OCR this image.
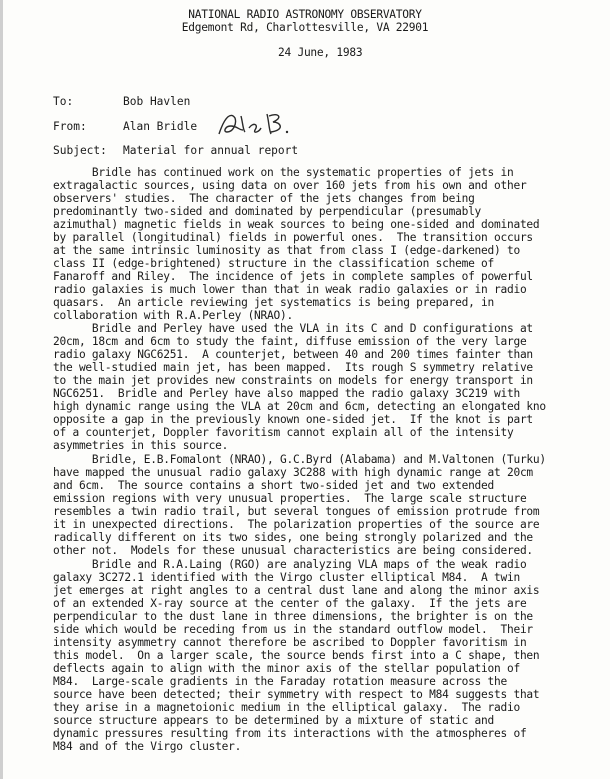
NATIONAL RADIO ASTRONOMY OBSERVATORY
Edgemont Rd, Charlottesville, VA 22901
24 June, 1983
To:	Bob Havlen
From:	Alan Bridle
Subject: Material for annual report
Bridle has continued work on the systematic properties of jets in
extragalactic sources, using data on over 160 jets from his own and other
observers' studies.  The character of the jets changes from being
predominantly two-sided and dominated by perpendicular (presumably
azimuthal) magnetic fields in weak sources to being one-sided and dominated
by parallel (longitudinal) fields in powerful ones.  The transition occurs
at the same intrinsic luminosity as that from class I (edge-darkened) to
class II (edge-brightened) structure in the classification scheme of
Fanaroff and Riley.  The incidence of jets in complete samples of powerful
radio galaxies is much lower than that in weak radio galaxies or in radio
quasars.  An article reviewing jet systematics is being prepared, in
collaboration with R.A.Perley (NRAO).
Bridle and Perley have used the VLA in its C and D configurations at
20cm, 18cm and 6cm to study the faint, diffuse emission of the very large
radio galaxy NGC6251.  A counterjet, between 40 and 200 times fainter than
the well-studied main jet, has been mapped.  Its rough S symmetry relative
to the main jet provides new constraints on models for energy transport in
NGC6251.  Bridle and Perley have also mapped the radio galaxy 3C219 with
high dynamic range using the VLA at 20cm and 6cm, detecting an elongated kno
opposite a gap in the previously known one-sided jet.  If the knot is part
of a counterjet, Doppler favoritism cannot explain all of the intensity
asymmetries in this source.
Bridle, E.B.Fomalont (NRAO), G.C.Byrd (Alabama) and M.Valtonen (Turku)
have mapped the unusual radio galaxy 3C288 with high dynamic range at 20cm
and 6cm.  The source contains a short two-sided jet and two extended
emission regions with very unusual properties.  The large scale structure
resembles a twin radio trail, but several tongues of emission protrude from
it in unexpected directions.  The polarization properties of the source are
radically different on its two sides, one being strongly polarized and the
other not.  Models for these unusual characteristics are being considered.
Bridle and R.A.Laing (RGO) are analyzing VLA maps of the weak radio
galaxy 3C272.1 identified with the Virgo cluster elliptical M84.  A twin
jet emerges at right angles to a central dust lane and along the minor axis
of an extended X-ray source at the center of the galaxy.  If the jets are
perpendicular to the dust lane in three dimensions, the brighter is on the
side which would be receding from us in the standard outflow model.  Their
intensity asymmetry cannot therefore be ascribed to Doppler favoritism in
this model.  On a larger scale, the source bends first into a C shape, then
deflects again to align with the minor axis of the stellar population of
M84.  Large-scale gradients in the Faraday rotation measure across the
source have been detected; their symmetry with respect to M84 suggests that
they arise in a magnetoionic medium in the elliptical galaxy.  The radio
source structure appears to be determined by a mixture of static and
dynamic pressures resulting from its interactions with the atmospheres of
M84 and of the Virgo cluster.
